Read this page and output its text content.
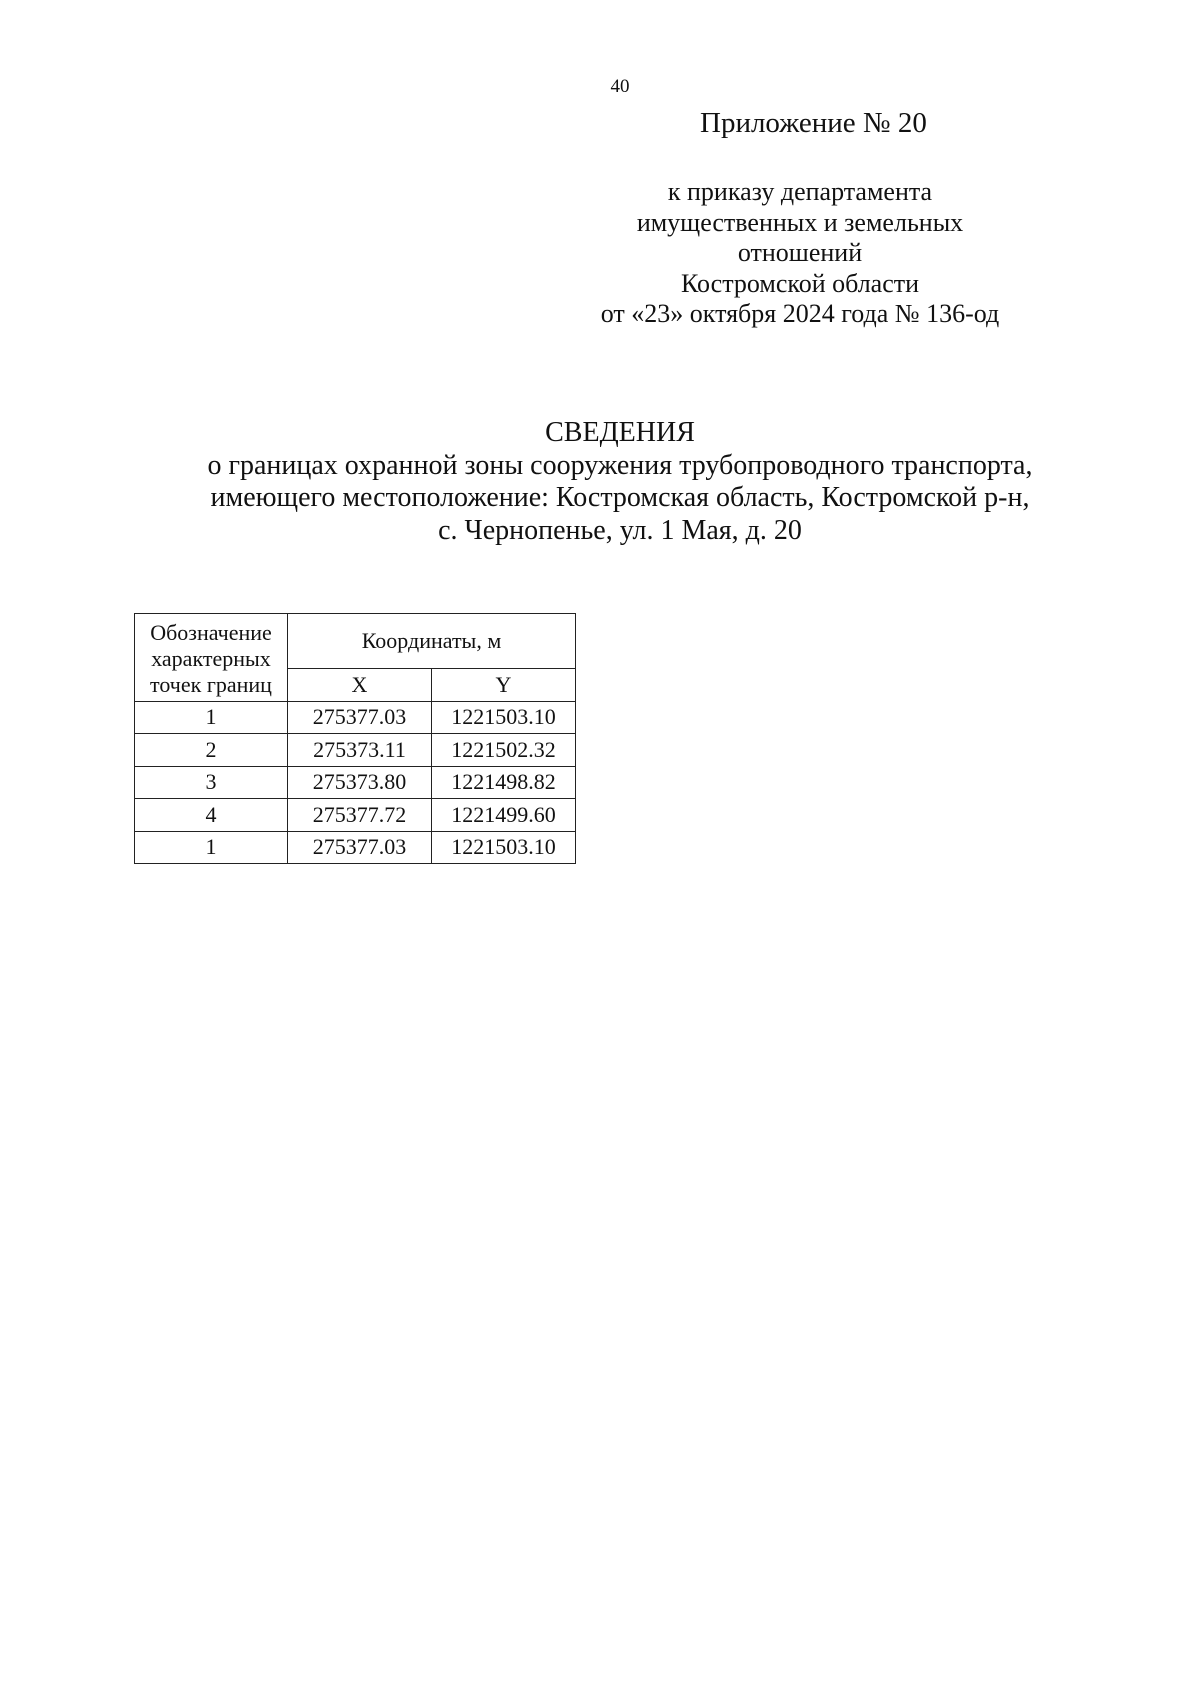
40
Приложение № 20
к приказу департамента
имущественных и земельных
отношений
Костромской области
от «23» октября 2024 года № 136-од
СВЕДЕНИЯ
о границах охранной зоны сооружения трубопроводного транспорта,
имеющего местоположение: Костромская область, Костромской р-н,
с. Чернопенье, ул. 1 Мая, д. 20
Обозначение
характерных
точек границ	Координаты, м	
	X	Y
1	275377.03	1221503.10
2	275373.11	1221502.32
3	275373.80	1221498.82
4	275377.72	1221499.60
1	275377.03	1221503.10
